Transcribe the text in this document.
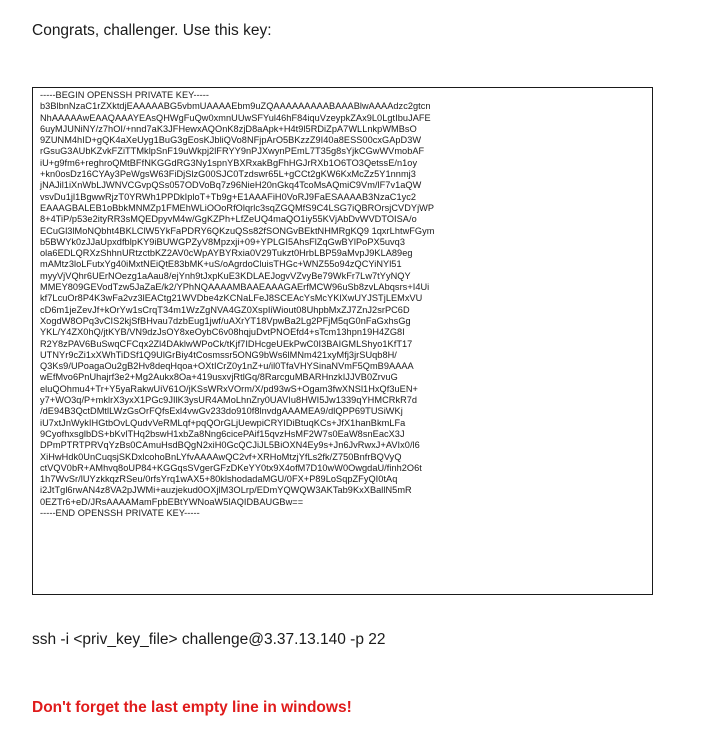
Congrats, challenger. Use this key:
-----BEGIN OPENSSH PRIVATE KEY-----
b3BlbnNzaC1rZXktdjEAAAAABG5vbmUAAAAEbm9uZQAAAAAAAAABAAABlwAAAAdzc2gtcn
NhAAAAAwEAAQAAAYEAsQHWgFuQw0xmnUUwSFYul46hF84iquVzeypkZAx9L0LgtIbuJAFE
6uyMJUNiNY/z7hOI/+nnd7aK3JFHewxAQOnK8zjD8aApk+H4t9l5RDiZpA7WLLnkpWMBsO
9ZUNM4hID+gQK4aXeUyg1BuG3gEosKJbliQVo8NFjpArO5BKzzZ9I40a8ESS00cxGApD3W
rGsuG3AUbKZvkFZiTTMklpSnF19uWkpj2lFRYY9nPJXwynPEmL7T35g8sYjkCGwWVmobAF
iU+g9fm6+reghroQMtBFfNKGGdRG3Ny1spnYBXRxakBgFhHGJrRXb1O6TO3QetssE/n1oy
+kn0osDz16CYAy3PeWgsW63FiDjSlzG00SJC0Tzdswr65L+gCCt2gKW6KxMcZz5Y1nnmj3
jNAJil1iXnWbLJWNVCGvpQSs057ODVoBq7z96NieH20nGkq4TcoMsAQmiC9Vm/lF7v1aQW
vsvDu1jl1BgwwRjzT0YRWh1PPDkIploT+Tb9g+E1AAAFiH0VoRJ9FaESAAAAB3NzaC1yc2
EAAAGBALEB1oBbkMNMZp1FMEhWLiOOoRfOlqrlc3sqZGQMfS9C4LSG7iQBROrsjCVDYjWP
8+4TiP/p53e2ityRR3sMQEDpyvM4w/GgKZPh+LfZeUQ4maQO1iy55KVjAbDvWVDTOISA/o
ECuGl3lMoNQbht4BKLClW5YkFaPDRY6QKzuQSs82fSONGvBEktNHMRgKQ9 1qxrLhtwFGym
b5BWYk0zJJaUpxdfblpKY9iBUWGPZyV8Mpzxji+09+YPLGI5AhsFlZqGwBYlPoPX5uvq3
ola6EDLQRXzShhnURtzctbKZ2AV0cWpAYBYRxia0V29Tukzt0HrbLBP59aMvpJ9KLA89eg
mAMtz3loLFutxYg40iMxtNEiQtE83bMK+uS/oAgrdoCluisTHGc+WNZ55o94zQCYiNYl51
myyVjVQhr6UErNOezg1aAau8/ejYnh9tJxpKuE3KDLAEJogvVZvyBe79WkFr7Lw7tYyNQY
MMEY809GEVodTzw5JaZaE/k2/YPhNQAAAAMBAAEAAAGAErfMCW96uSb8zvLAbqsrs+I4Ui
kf7LcuOr8P4K3wFa2vz3lEACtg21WVDbe4zKCNaLFeJ8SCEAcYsMcYKlXwUYJSTjLEMxVU
cD6m1jeZevJf+kOrYw1sCrqT34m1WzZgNVA4GZ0XspIiWiout08UhpbMxZJ7ZnJ2srPC6D
XogdW8OPq3vCIS2kjSfBHvau7dzbEug1jwf/uAXrYT18VpwBa2Lg2PFjM5qG0nFaGxhsGg
YKL/Y4ZX0hQ/jtKYB/VN9dzJsOY8xeOybC6v08hqjuDvtPNOEfd4+sTcm13hpn19H4ZG8I
R2Y8zPAV6BuSwqCFCqx2Zl4DAklwWPoCk/tKjf7IDHcgeUEkPwC0I3BAIGMLShyo1KfT17
UTNYr9cZi1xXWhTiDSf1Q9UlGrBiy4tCosmssr5ONG9bWs6lMNm421xyMfj3jrSUqb8H/
Q3Ks9/UPoagaOu2gB2Hv8deqHqoa+OXtICrZ0y1nZ+u/il0TfaVHYSinaNVmF5QmB9AAAA
wEfMvo6PnUhajrf3e2+Mg2Aukx8Oa+419usxvjRtlGq/8RarcguMBARHnzkIJJVB0ZrvuG
eluQOhmu4+Tr+Y5yaRakwUiV61O/jKSsWRxVOrm/X/pd93wS+Ogam3fwXNSl1HxQf3uEN+
y7+WO3q/P+mklrX3yxX1PGc9JIlK3ysUR4AMoLhnZry0UAVIu8HWI5Jw1339qYHMCRkR7d
/dE94B3QctDMtlLWzGsOrFQfsExl4vwGv233do910f8lnvdgAAAMEA9/dlQPP69TUSiWKj
iU7xtJnWykIHGtbOvLQudvVeRMLqf+pqQOrGLjUewpiCRYIDiBtuqKCs+JfX1hanBkmLFa
9CyofhxsglbDS+bKvlTHq2bswH1xbZa8Nng6cicePAif15qvzHsMF2W7s0EaW8snEacX3J
DPmPTRTPRVqYzBs0CAmuHsdBQgN2xiH0GcQCJiJL5BiOXN4Ey9s+Jn6JvRwxJ+AVIx0/l6
XiHwHdk0UnCuqsjSKDxlcohoBnLYfvAAAAwQC2vf+XRHoMtzjYfLs2fk/Z750BnfrBQVyQ
ctVQV0bR+AMhvq8oUP84+KGGqsSVgerGFzDKeYY0tx9X4ofM7D10wW0OwgdaU/finh2O6t
1h7WvSr/lUYzkkqzRSeu/0rfsYrq1wAX5+80klshodadaMGU/0FX+P89LoSqpZFyQI0tAq
i2JtTgl6rwAN4z8VA2pJWMi+auzjekud0OXjlM3OLrp/EDmYQWQW3AKTab9KxXBallN5mR
0EZTr6+eD/JRsAAAAMamFpbEBtYWNoaW5lAQIDBAUGBw==
-----END OPENSSH PRIVATE KEY-----
ssh -i <priv_key_file> challenge@3.37.13.140 -p 22
Don't forget the last empty line in windows!
